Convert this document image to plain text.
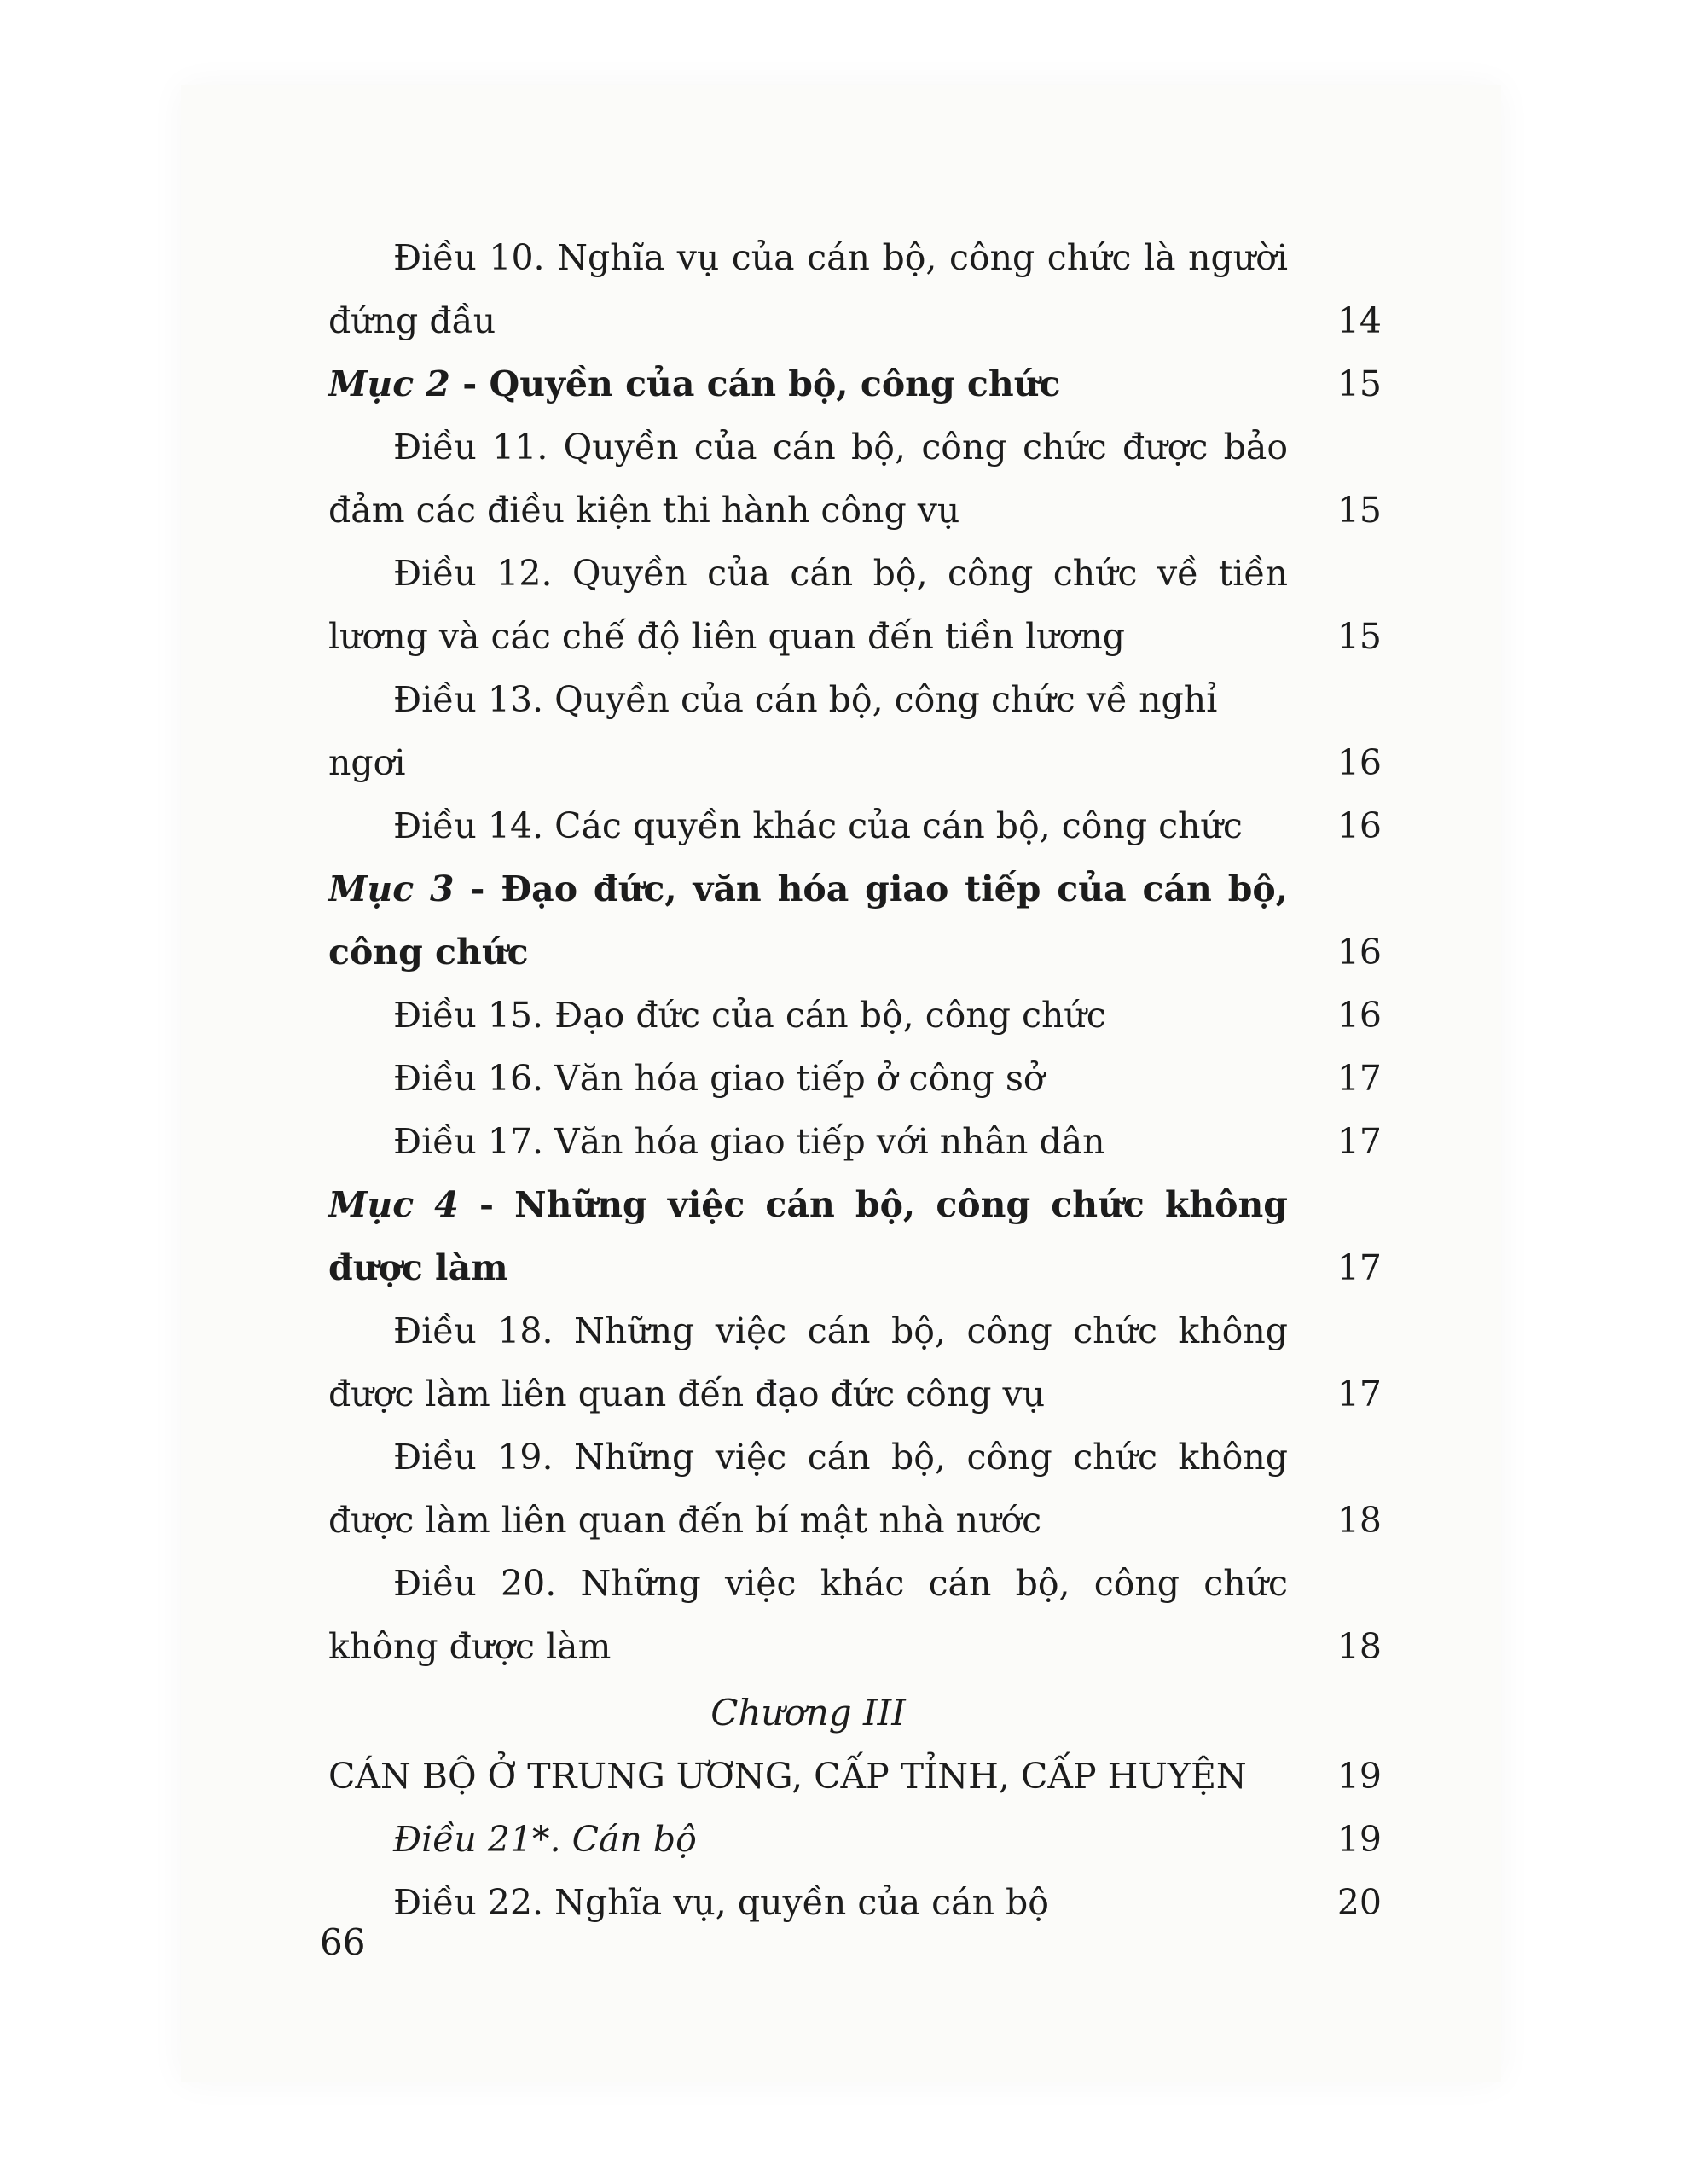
Điều 10. Nghĩa vụ của cán bộ, công chức là người đứng đầu	14
Mục 2 - Quyền của cán bộ, công chức	15
Điều 11. Quyền của cán bộ, công chức được bảo đảm các điều kiện thi hành công vụ	15
Điều 12. Quyền của cán bộ, công chức về tiền lương và các chế độ liên quan đến tiền lương	15
Điều 13. Quyền của cán bộ, công chức về nghỉ ngơi	16
Điều 14. Các quyền khác của cán bộ, công chức	16
Mục 3 - Đạo đức, văn hóa giao tiếp của cán bộ, công chức	16
Điều 15. Đạo đức của cán bộ, công chức	16
Điều 16. Văn hóa giao tiếp ở công sở	17
Điều 17. Văn hóa giao tiếp với nhân dân	17
Mục 4 - Những việc cán bộ, công chức không được làm	17
Điều 18. Những việc cán bộ, công chức không được làm liên quan đến đạo đức công vụ	17
Điều 19. Những việc cán bộ, công chức không được làm liên quan đến bí mật nhà nước	18
Điều 20. Những việc khác cán bộ, công chức không được làm	18
Chương III
CÁN BỘ Ở TRUNG ƯƠNG, CẤP TỈNH, CẤP HUYỆN	19
Điều 21*. Cán bộ	19
Điều 22. Nghĩa vụ, quyền của cán bộ	20
66
